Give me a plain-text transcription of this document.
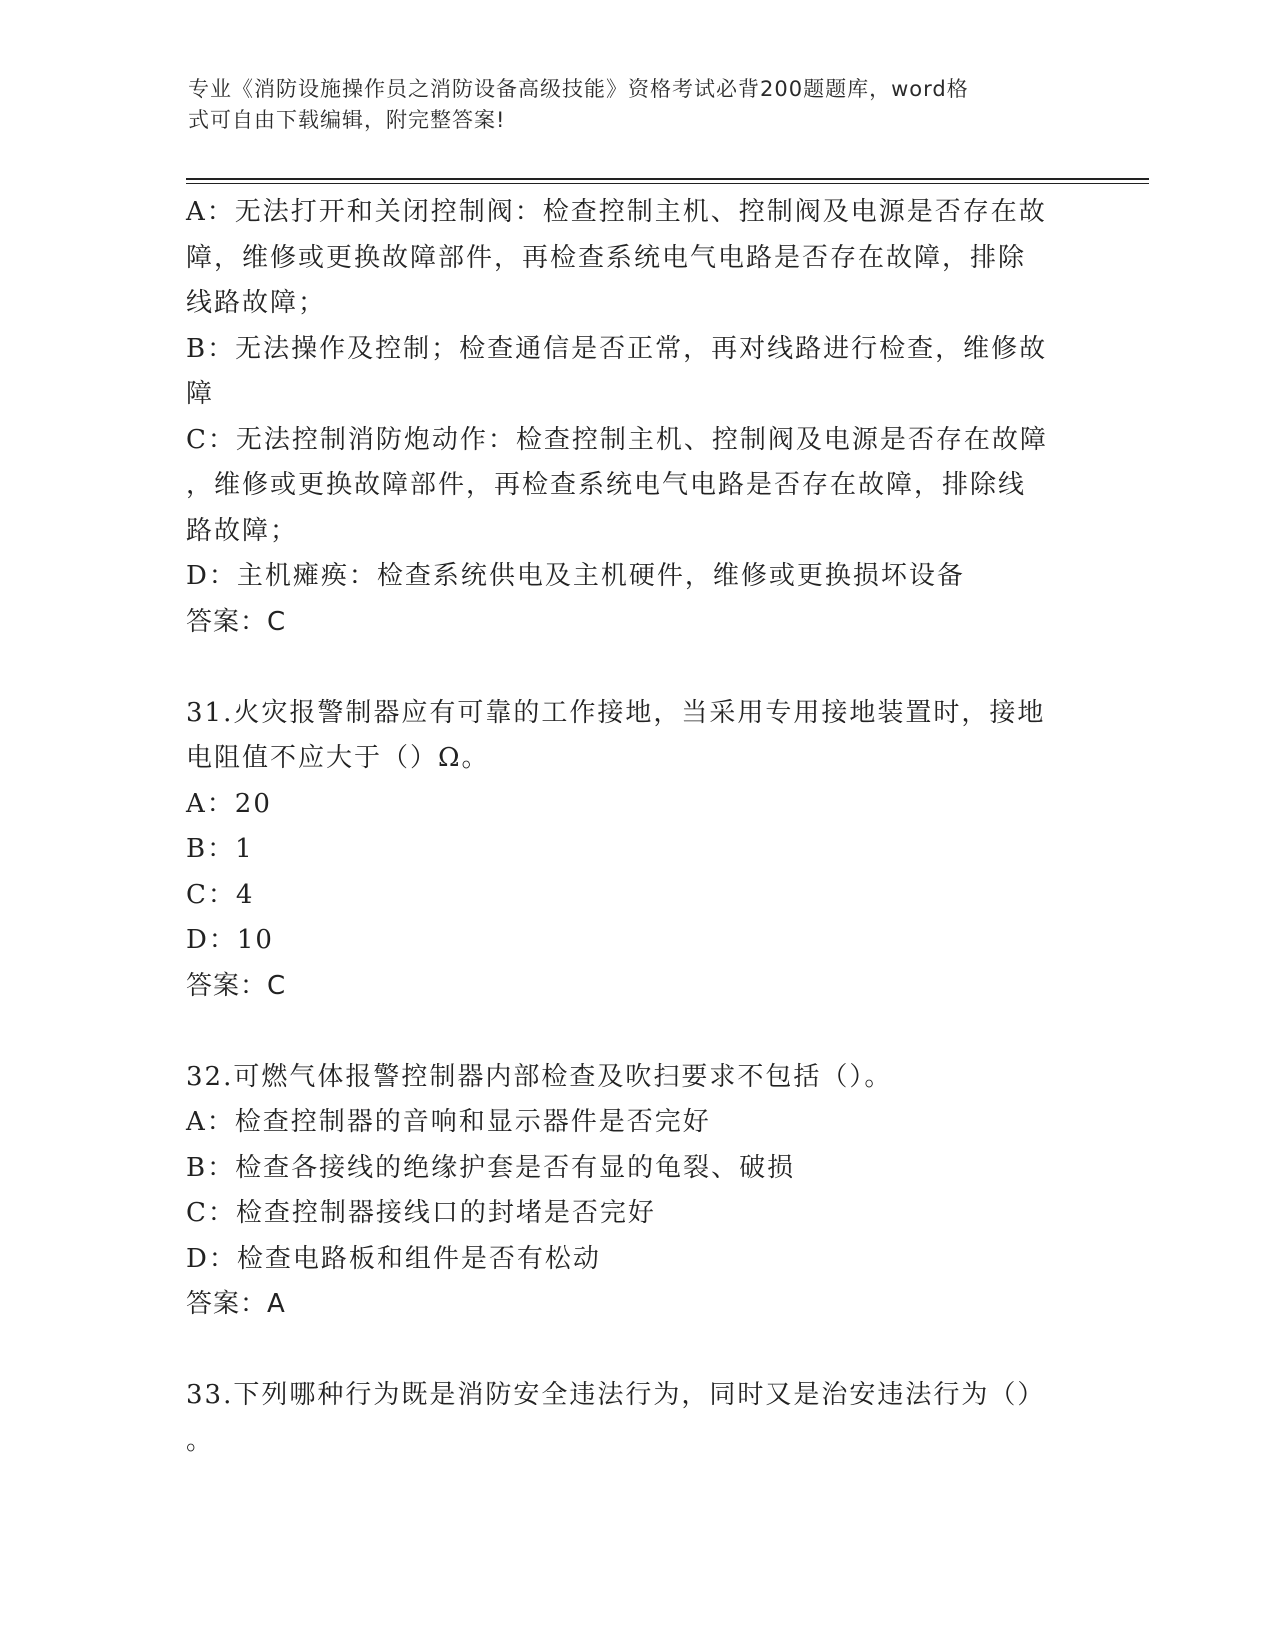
专业《消防设施操作员之消防设备高级技能》资格考试必背200题题库，word格
式可自由下载编辑，附完整答案!
A：无法打开和关闭控制阀：检查控制主机、控制阀及电源是否存在故
障，维修或更换故障部件，再检查系统电气电路是否存在故障，排除
线路故障；
B：无法操作及控制；检查通信是否正常，再对线路进行检查，维修故
障
C：无法控制消防炮动作：检查控制主机、控制阀及电源是否存在故障
，维修或更换故障部件，再检查系统电气电路是否存在故障，排除线
路故障；
D：主机瘫痪：检查系统供电及主机硬件，维修或更换损坏设备
答案：C
31.火灾报警制器应有可靠的工作接地，当采用专用接地装置时，接地
电阻值不应大于（）Ω。
A：20
B：1
C：4
D：10
答案：C
32.可燃气体报警控制器内部检查及吹扫要求不包括（）。
A：检查控制器的音响和显示器件是否完好
B：检查各接线的绝缘护套是否有显的龟裂、破损
C：检查控制器接线口的封堵是否完好
D：检查电路板和组件是否有松动
答案：A
33.下列哪种行为既是消防安全违法行为，同时又是治安违法行为（）
。
